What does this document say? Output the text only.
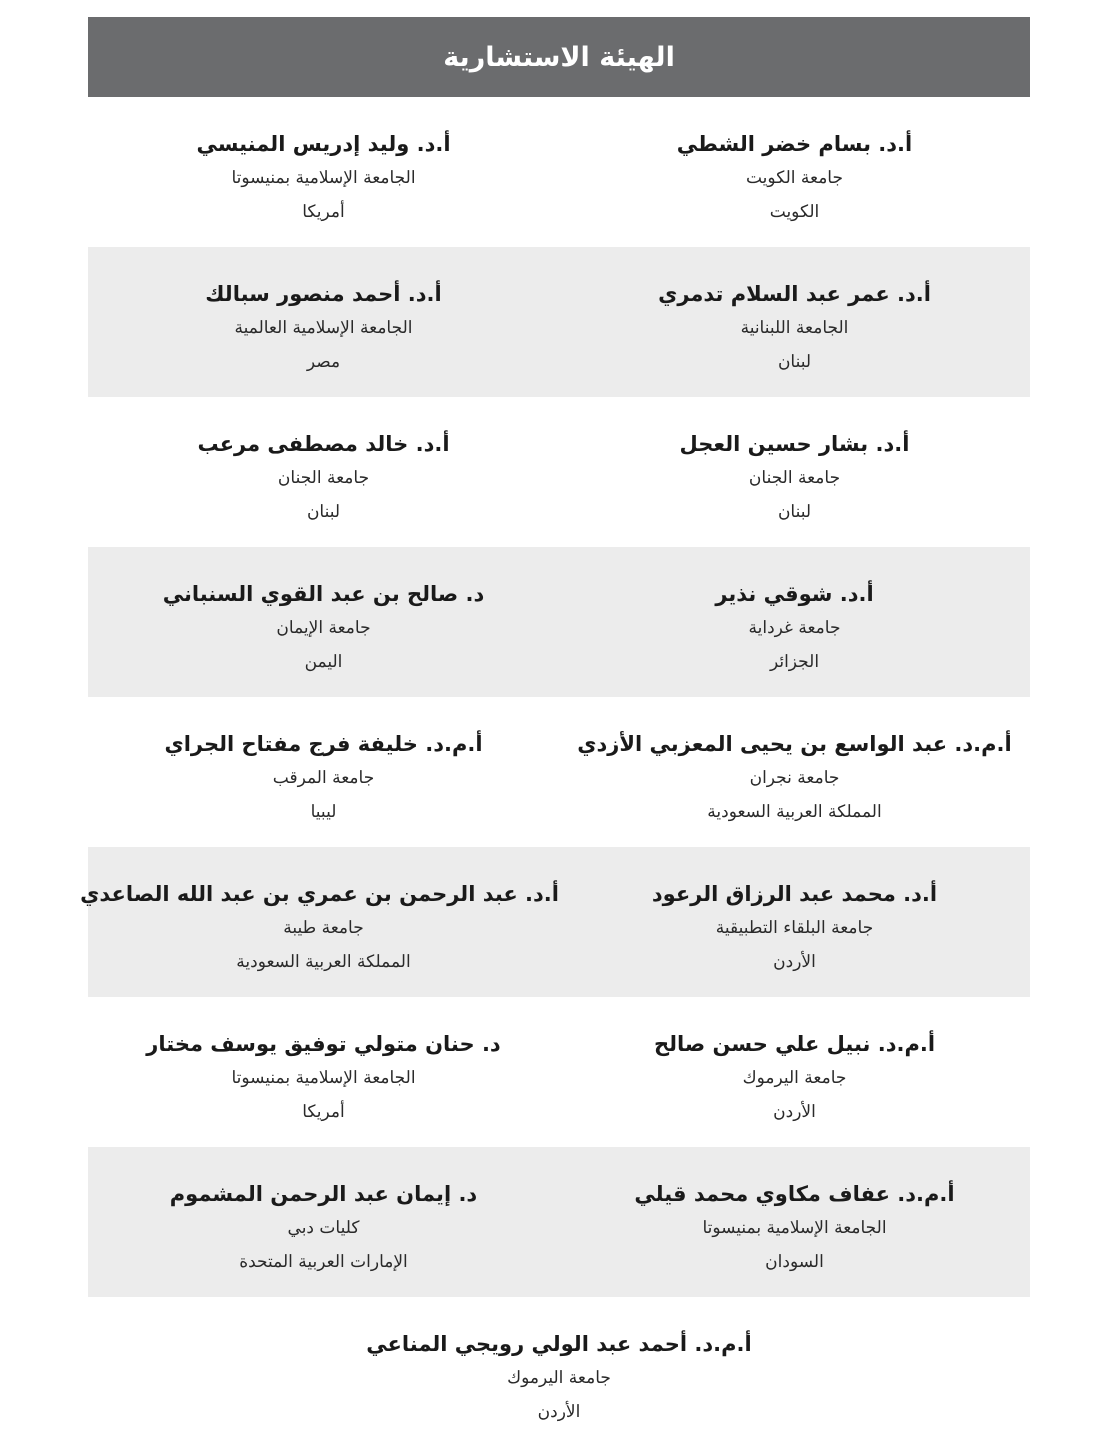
الهيئة الاستشارية
أ.د. بسام خضر الشطي
جامعة الكويت
الكويت
أ.د. وليد إدريس المنيسي
الجامعة الإسلامية بمنيسوتا
أمريكا
أ.د. عمر عبد السلام تدمري
الجامعة اللبنانية
لبنان
أ.د. أحمد منصور سبالك
الجامعة الإسلامية العالمية
مصر
أ.د. بشار حسين العجل
جامعة الجنان
لبنان
أ.د. خالد مصطفى مرعب
جامعة الجنان
لبنان
أ.د. شوقي نذير
جامعة غرداية
الجزائر
د. صالح بن عبد القوي السنباني
جامعة الإيمان
اليمن
أ.م.د. عبد الواسع بن يحيى المعزبي الأزدي
جامعة نجران
المملكة العربية السعودية
أ.م.د. خليفة فرج مفتاح الجراي
جامعة المرقب
ليبيا
أ.د. محمد عبد الرزاق الرعود
جامعة البلقاء التطبيقية
الأردن
أ.د. عبد الرحمن بن عمري بن عبد الله الصاعدي
جامعة طيبة
المملكة العربية السعودية
أ.م.د. نبيل علي حسن صالح
جامعة اليرموك
الأردن
د. حنان متولي توفيق يوسف مختار
الجامعة الإسلامية بمنيسوتا
أمريكا
أ.م.د. عفاف مكاوي محمد قيلي
الجامعة الإسلامية بمنيسوتا
السودان
د. إيمان عبد الرحمن المشموم
كليات دبي
الإمارات العربية المتحدة
أ.م.د. أحمد عبد الولي رويجي المناعي
جامعة اليرموك
الأردن
